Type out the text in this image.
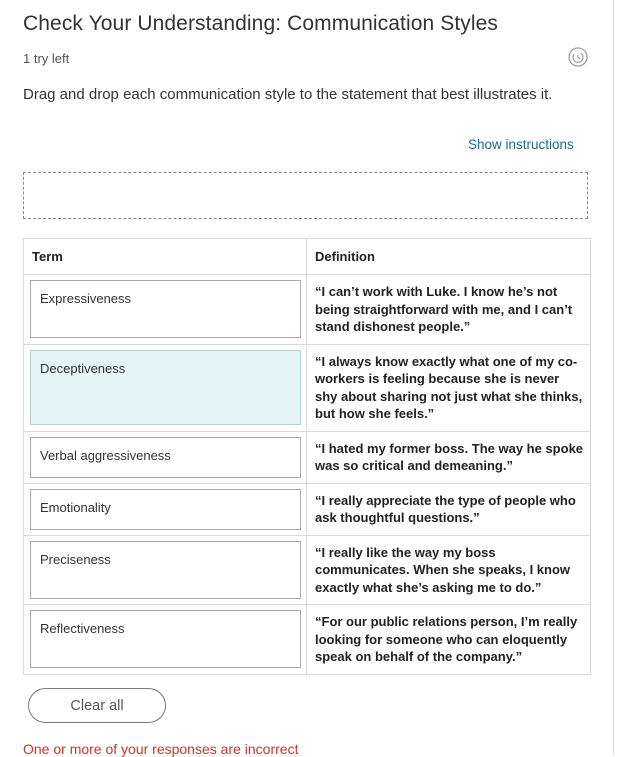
Check Your Understanding: Communication Styles
1 try left
Drag and drop each communication style to the statement that best illustrates it.
Show instructions
Term	Definition

Expressiveness	“I can’t work with Luke. I know he’s not being straightforward with me, and I can’t stand dishonest people.”

Deceptiveness	“I always know exactly what one of my co-workers is feeling because she is never shy about sharing not just what she thinks, but how she feels.”

Verbal aggressiveness	“I hated my former boss. The way he spoke was so critical and demeaning.”

Emotionality	“I really appreciate the type of people who ask thoughtful questions.”

Preciseness	“I really like the way my boss communicates. When she speaks, I know exactly what she’s asking me to do.”

Reflectiveness	“For our public relations person, I’m really looking for someone who can eloquently speak on behalf of the company.”
Clear all
One or more of your responses are incorrect
